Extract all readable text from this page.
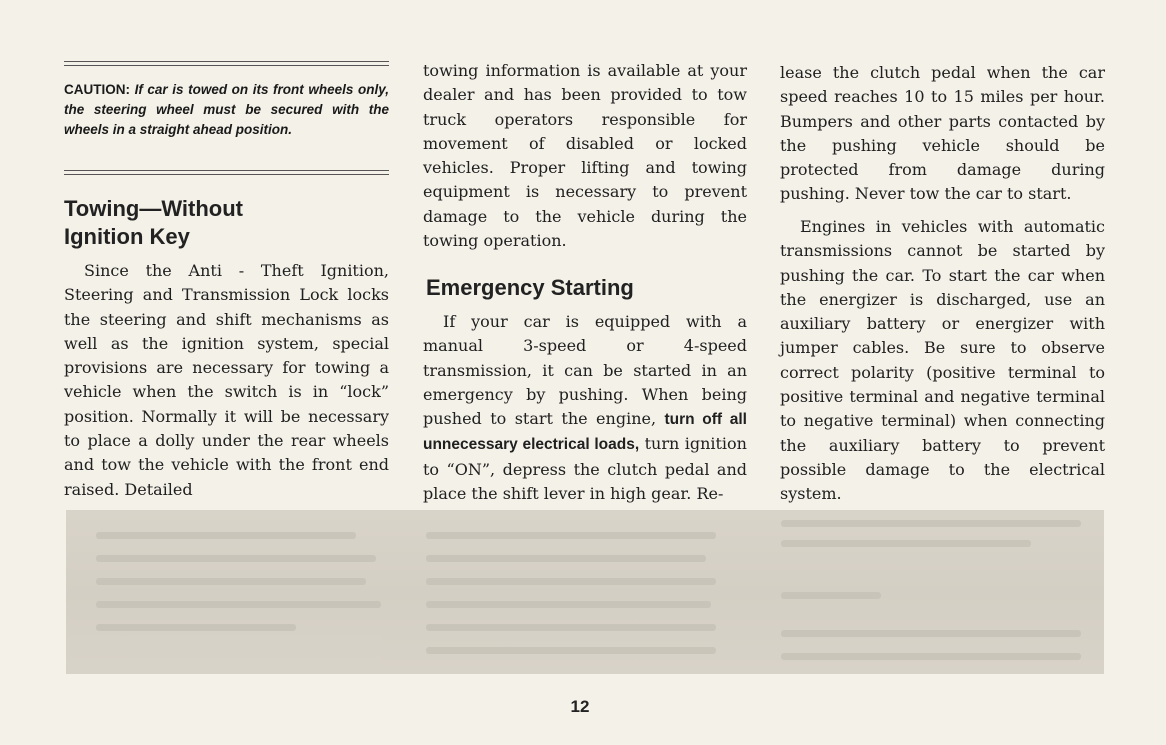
CAUTION: If car is towed on its front wheels only, the steering wheel must be secured with the wheels in a straight ahead position.
Towing—Without
Ignition Key

Since the Anti - Theft Ignition, Steering and Transmission Lock locks the steering and shift mechanisms as well as the ignition system, special provisions are necessary for towing a vehicle when the switch is in “lock” position. Normally it will be necessary to place a dolly under the rear wheels and tow the vehicle with the front end raised. Detailed

towing information is available at your dealer and has been provided to tow truck operators responsible for movement of disabled or locked vehicles. Proper lifting and towing equipment is necessary to prevent damage to the vehicle during the towing operation.

Emergency Starting

If your car is equipped with a manual 3-speed or 4-speed transmission, it can be started in an emergency by pushing. When being pushed to start the engine, turn off all unnecessary electrical loads, turn ignition to “ON”, depress the clutch pedal and place the shift lever in high gear. Re-

lease the clutch pedal when the car speed reaches 10 to 15 miles per hour. Bumpers and other parts contacted by the pushing vehicle should be protected from damage during pushing. Never tow the car to start.

Engines in vehicles with automatic transmissions cannot be started by pushing the car. To start the car when the energizer is discharged, use an auxiliary battery or energizer with jumper cables. Be sure to observe correct polarity (positive terminal to positive terminal and negative terminal to negative terminal) when connecting the auxiliary battery to prevent possible damage to the electrical system.

12
